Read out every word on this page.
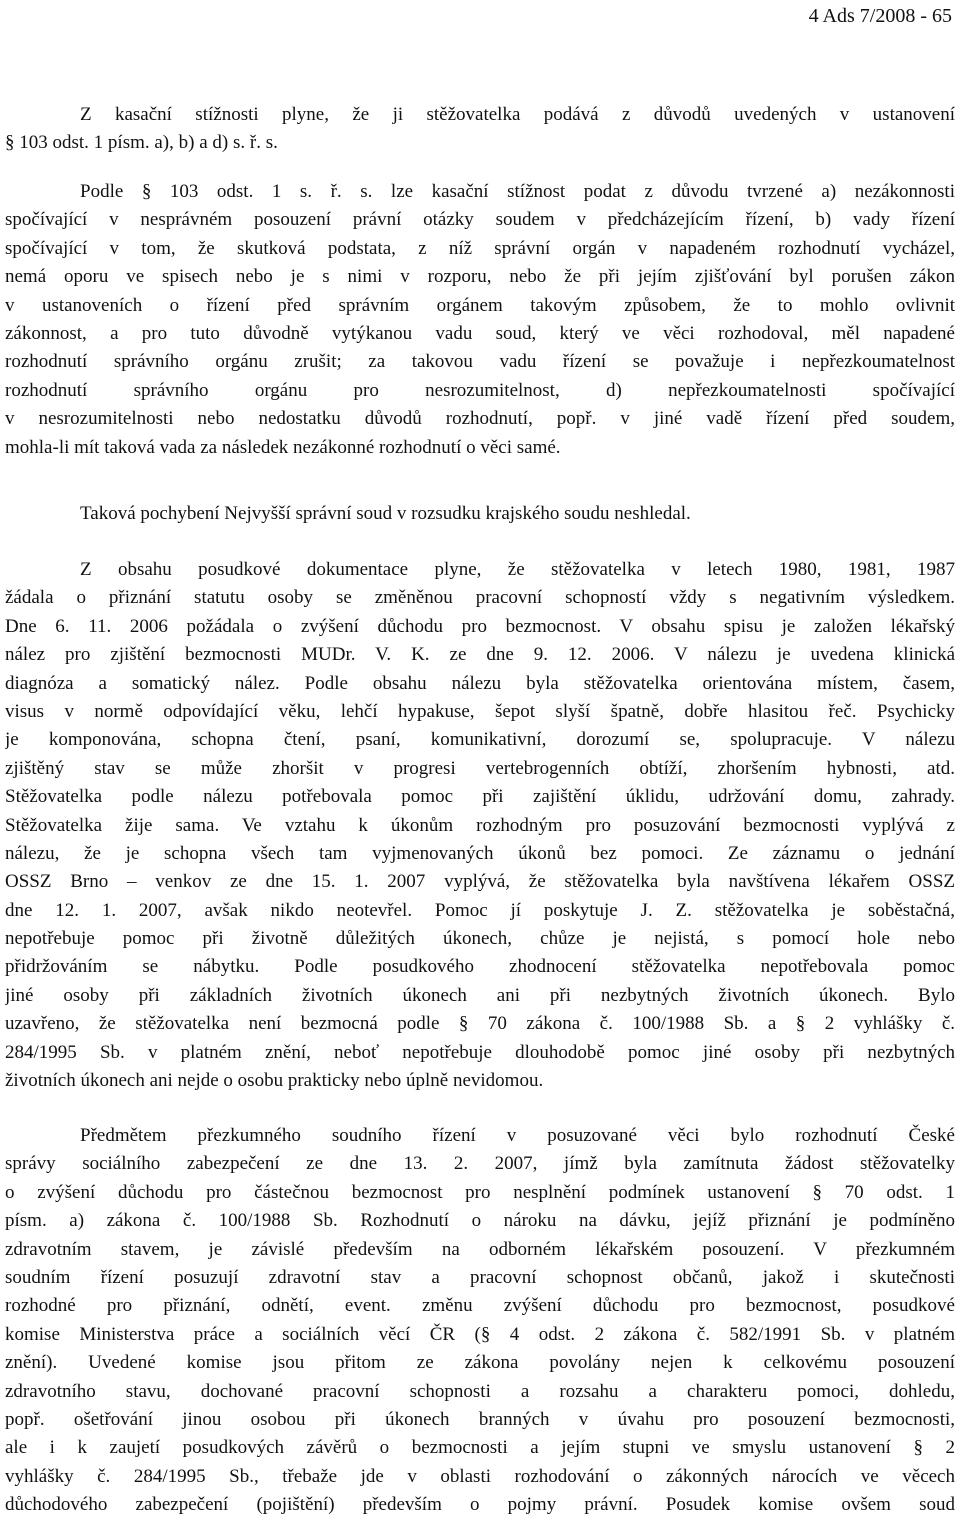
4 Ads 7/2008 - 65
Z kasační stížnosti plyne, že ji stěžovatelka podává z důvodů uvedených v ustanovení
§ 103 odst. 1 písm. a), b) a d) s. ř. s.
Podle § 103 odst. 1 s. ř. s. lze kasační stížnost podat z důvodu tvrzené a) nezákonnosti
spočívající v nesprávném posouzení právní otázky soudem v předcházejícím řízení, b) vady řízení
spočívající v tom, že skutková podstata, z níž správní orgán v napadeném rozhodnutí vycházel,
nemá oporu ve spisech nebo je s nimi v rozporu, nebo že při jejím zjišťování byl porušen zákon
v ustanoveních o řízení před správním orgánem takovým způsobem, že to mohlo ovlivnit
zákonnost, a pro tuto důvodně vytýkanou vadu soud, který ve věci rozhodoval, měl napadené
rozhodnutí správního orgánu zrušit; za takovou vadu řízení se považuje i nepřezkoumatelnost
rozhodnutí správního orgánu pro nesrozumitelnost, d) nepřezkoumatelnosti spočívající
v nesrozumitelnosti nebo nedostatku důvodů rozhodnutí, popř. v jiné vadě řízení před soudem,
mohla-li mít taková vada za následek nezákonné rozhodnutí o věci samé.
Taková pochybení Nejvyšší správní soud v rozsudku krajského soudu neshledal.
Z obsahu posudkové dokumentace plyne, že stěžovatelka v letech 1980, 1981, 1987
žádala o přiznání statutu osoby se změněnou pracovní schopností vždy s negativním výsledkem.
Dne 6. 11. 2006 požádala o zvýšení důchodu pro bezmocnost. V obsahu spisu je založen lékařský
nález pro zjištění bezmocnosti MUDr. V. K. ze dne 9. 12. 2006. V nálezu je uvedena klinická
diagnóza a somatický nález. Podle obsahu nálezu byla stěžovatelka orientována místem, časem,
visus v normě odpovídající věku, lehčí hypakuse, šepot slyší špatně, dobře hlasitou řeč. Psychicky
je komponována, schopna čtení, psaní, komunikativní, dorozumí se, spolupracuje. V nálezu
zjištěný stav se může zhoršit v progresi vertebrogenních obtíží, zhoršením hybnosti, atd.
Stěžovatelka podle nálezu potřebovala pomoc při zajištění úklidu, udržování domu, zahrady.
Stěžovatelka žije sama. Ve vztahu k úkonům rozhodným pro posuzování bezmocnosti vyplývá z
nálezu, že je schopna všech tam vyjmenovaných úkonů bez pomoci. Ze záznamu o jednání
OSSZ Brno – venkov ze dne 15. 1. 2007 vyplývá, že stěžovatelka byla navštívena lékařem OSSZ
dne 12. 1. 2007, avšak nikdo neotevřel. Pomoc jí poskytuje J. Z. stěžovatelka je soběstačná,
nepotřebuje pomoc při životně důležitých úkonech, chůze je nejistá, s pomocí hole nebo
přidržováním se nábytku. Podle posudkového zhodnocení stěžovatelka nepotřebovala pomoc
jiné osoby při základních životních úkonech ani při nezbytných životních úkonech. Bylo
uzavřeno, že stěžovatelka není bezmocná podle § 70 zákona č. 100/1988 Sb. a § 2 vyhlášky č.
284/1995 Sb. v platném znění, neboť nepotřebuje dlouhodobě pomoc jiné osoby při nezbytných
životních úkonech ani nejde o osobu prakticky nebo úplně nevidomou.
Předmětem přezkumného soudního řízení v posuzované věci bylo rozhodnutí České
správy sociálního zabezpečení ze dne 13. 2. 2007, jímž byla zamítnuta žádost stěžovatelky
o zvýšení důchodu pro částečnou bezmocnost pro nesplnění podmínek ustanovení § 70 odst. 1
písm. a) zákona č. 100/1988 Sb. Rozhodnutí o nároku na dávku, jejíž přiznání je podmíněno
zdravotním stavem, je závislé především na odborném lékařském posouzení. V přezkumném
soudním řízení posuzují zdravotní stav a pracovní schopnost občanů, jakož i skutečnosti
rozhodné pro přiznání, odnětí, event. změnu zvýšení důchodu pro bezmocnost, posudkové
komise Ministerstva práce a sociálních věcí ČR (§ 4 odst. 2 zákona č. 582/1991 Sb. v platném
znění). Uvedené komise jsou přitom ze zákona povolány nejen k celkovému posouzení
zdravotního stavu, dochované pracovní schopnosti a rozsahu a charakteru pomoci, dohledu,
popř. ošetřování jinou osobou při úkonech branných v úvahu pro posouzení bezmocnosti,
ale i k zaujetí posudkových závěrů o bezmocnosti a jejím stupni ve smyslu ustanovení § 2
vyhlášky č. 284/1995 Sb., třebaže jde v oblasti rozhodování o zákonných nárocích ve věcech
důchodového zabezpečení (pojištění) především o pojmy právní. Posudek komise ovšem soud
